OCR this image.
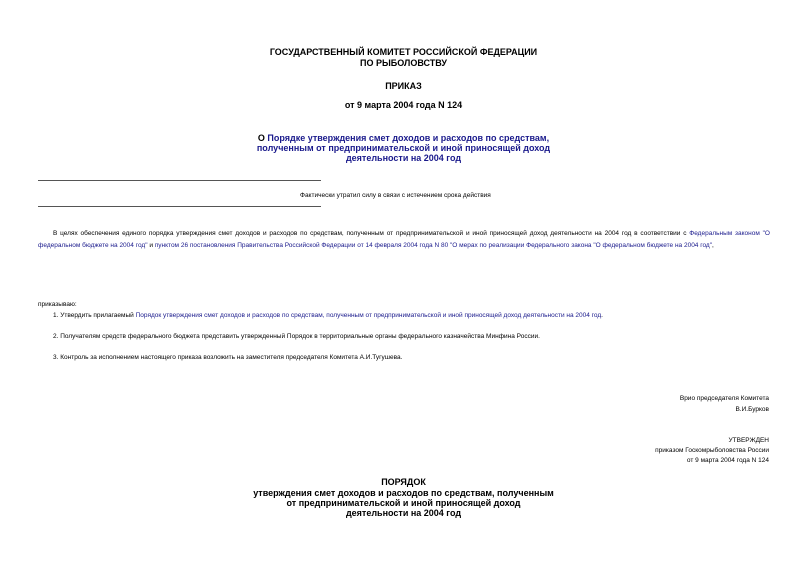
ГОСУДАРСТВЕННЫЙ КОМИТЕТ РОССИЙСКОЙ ФЕДЕРАЦИИ
ПО РЫБОЛОВСТВУ
ПРИКАЗ
от 9 марта 2004 года N 124
О Порядке утверждения смет доходов и расходов по средствам,
полученным от предпринимательской и иной приносящей доход
деятельности на 2004 год
Фактически утратил силу в связи с истечением срока действия
В целях обеспечения единого порядка утверждения смет доходов и расходов по средствам, полученным от предпринимательской и иной приносящей доход деятельности на 2004 год в соответствии с Федеральным законом "О федеральном бюджете на 2004 год" и пунктом 26 постановления Правительства Российской Федерации от 14 февраля 2004 года N 80 "О мерах по реализации Федерального закона "О федеральном бюджете на 2004 год",
приказываю:
1. Утвердить прилагаемый Порядок утверждения смет доходов и расходов по средствам, полученным от предпринимательской и иной приносящей доход деятельности на 2004 год.
2. Получателям средств федерального бюджета представить утвержденный Порядок в территориальные органы федерального казначейства Минфина России.
3. Контроль за исполнением настоящего приказа возложить на заместителя председателя Комитета А.И.Тугушева.
Врио председателя Комитета
В.И.Бурков
УТВЕРЖДЕН
приказом Госкомрыболовства России
от 9 марта 2004 года N 124
ПОРЯДОК
утверждения смет доходов и расходов по средствам, полученным
от предпринимательской и иной приносящей доход
деятельности на 2004 год
